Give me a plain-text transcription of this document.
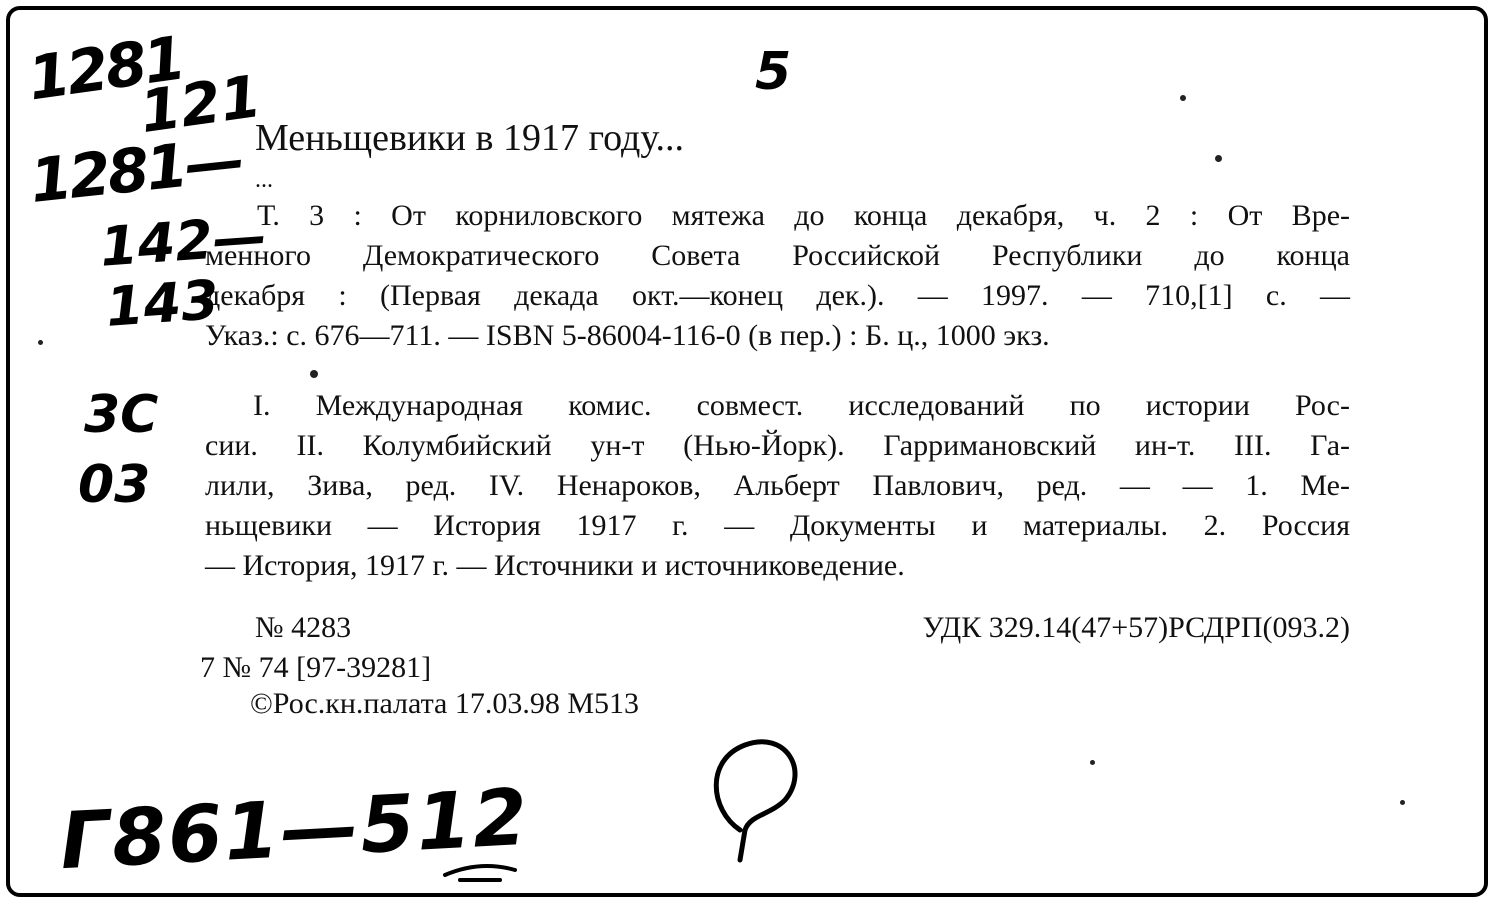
Меньщевики в 1917 году...
...
Т. 3 : От корниловского мятежа до конца декабря, ч. 2 : От Вре-
менного Демократического Совета Российской Республики до конца
декабря : (Первая декада окт.—конец дек.). — 1997. — 710,[1] с. —
Указ.: с. 676—711. — ISBN 5-86004-116-0 (в пер.) : Б. ц., 1000 экз.
I. Международная комис. совмест. исследований по истории Рос-
сии. II. Колумбийский ун-т (Нью-Йорк). Гарримановский ин-т. III. Га-
лили, Зива, ред. IV. Ненароков, Альберт Павлович, ред. — — 1. Ме-
ньщевики — История 1917 г. — Документы и материалы. 2. Россия
— История, 1917 г. — Источники и источниковедение.
№ 4283	УДК 329.14(47+57)РСДРП(093.2)
7 № 74 [97-39281]
©Рос.кн.палата 17.03.98 М513
1281
121
1281—
142—
143
3С
03
Г861—512
5
